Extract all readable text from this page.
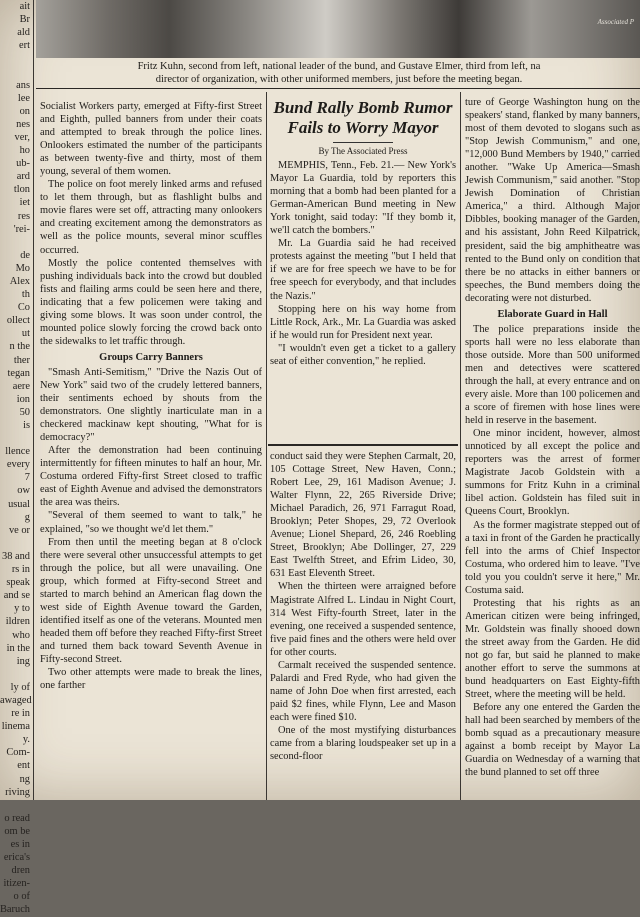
Associated P
Fritz Kuhn, second from left, national leader of the bund, and Gustave Elmer, third from left, na
director of organization, with other uniformed members, just before the meeting began.
ait
Br
ald
ert

ans
lee
on
nes
ver,
ho
ub-
ard
tlon
iet
res
'rei-

de
Mo
Alex
th
Co
ollect
ut
n the
ther
tegan
aere
ion
50
is

llence
every
7
ow
usual
g
ve or

38 and
rs in
speak
and se
y to
ildren
who
in the
ing

ly of
awaged
re in
linema
y.
Com-
ent
ng
riving

o read
om be
es in
erica's
dren
itizen-
o of
Baruch

Socialist Workers party, emerged at Fifty-first Street and Eighth, pulled banners from under their coats and attempted to break through the police lines. Onlookers estimated the number of the participants as between twenty-five and thirty, most of them young, several of them women.

The police on foot merely linked arms and refused to let them through, but as flashlight bulbs and movie flares were set off, attracting many onlookers and creating excitement among the demonstrators as well as the police mounts, several minor scuffles occurred.

Mostly the police contented themselves with pushing individuals back into the crowd but doubled fists and flailing arms could be seen here and there, indicating that a few policemen were taking and giving some blows. It was soon under control, the mounted police slowly forcing the crowd back onto the sidewalks to let traffic through.

Groups Carry Banners

"Smash Anti-Semitism," "Drive the Nazis Out of New York" said two of the crudely lettered banners, their sentiments echoed by shouts from the demonstrators. One slightly inarticulate man in a checkered mackinaw kept shouting, "What for is democracy?"

After the demonstration had been continuing intermittently for fifteen minutes to half an hour, Mr. Costuma ordered Fifty-first Street closed to traffic east of Eighth Avenue and advised the demonstrators the area was theirs.

"Several of them seemed to want to talk," he explained, "so we thought we'd let them."

From then until the meeting began at 8 o'clock there were several other unsuccessful attempts to get through the police, but all were unavailing. One group, which formed at Fifty-second Street and started to march behind an American flag down the west side of Eighth Avenue toward the Garden, identified itself as one of the veterans. Mounted men headed them off before they reached Fifty-first Street and turned them back toward Seventh Avenue in Fifty-second Street.

Two other attempts were made to break the lines, one farther

Bund Rally Bomb Rumor Fails to Worry Mayor
By The Associated Press

MEMPHIS, Tenn., Feb. 21.— New York's Mayor La Guardia, told by reporters this morning that a bomb had been planted for a German-American Bund meeting in New York tonight, said today: "If they bomb it, we'll catch the bombers."

Mr. La Guardia said he had received protests against the meeting "but I held that if we are for free speech we have to be for free speech for everybody, and that includes the Nazis."

Stopping here on his way home from Little Rock, Ark., Mr. La Guardia was asked if he would run for President next year.

"I wouldn't even get a ticket to a gallery seat of either convention," he replied.

conduct said they were Stephen Carmalt, 20, 105 Cottage Street, New Haven, Conn.; Robert Lee, 29, 161 Madison Avenue; J. Walter Flynn, 22, 265 Riverside Drive; Michael Paradich, 26, 971 Farragut Road, Brooklyn; Peter Shopes, 29, 72 Overlook Avenue; Lionel Shepard, 26, 246 Roebling Street, Brooklyn; Abe Dollinger, 27, 229 East Twelfth Street, and Efrim Lideo, 30, 631 East Eleventh Street.

When the thirteen were arraigned before Magistrate Alfred L. Lindau in Night Court, 314 West Fifty-fourth Street, later in the evening, one received a suspended sentence, five paid fines and the others were held over for other courts.

Carmalt received the suspended sentence. Palardi and Fred Ryde, who had given the name of John Doe when first arrested, each paid $2 fines, while Flynn, Lee and Mason each were fined $10.

One of the most mystifying disturbances came from a blaring loudspeaker set up in a second-floor

ture of George Washington hung on the speakers' stand, flanked by many banners, most of them devoted to slogans such as "Stop Jewish Communism," and one, "12,000 Bund Members by 1940," carried another. "Wake Up America—Smash Jewish Communism," said another. "Stop Jewish Domination of Christian America," a third. Although Major Dibbles, booking manager of the Garden, and his assistant, John Reed Kilpatrick, president, said the big amphitheatre was rented to the Bund only on condition that there be no attacks in either banners or speeches, the Bund members doing the decorating were not disturbed.

Elaborate Guard in Hall

The police preparations inside the sports hall were no less elaborate than those outside. More than 500 uniformed men and detectives were scattered through the hall, at every entrance and on every aisle. More than 100 policemen and a score of firemen with hose lines were held in reserve in the basement.

One minor incident, however, almost unnoticed by all except the police and reporters was the arrest of former Magistrate Jacob Goldstein with a summons for Fritz Kuhn in a criminal libel action. Goldstein has filed suit in Queens Court, Brooklyn.

As the former magistrate stepped out of a taxi in front of the Garden he practically fell into the arms of Chief Inspector Costuma, who ordered him to leave. "I've told you you couldn't serve it here," Mr. Costuma said.

Protesting that his rights as an American citizen were being infringed, Mr. Goldstein was finally shooed down the street away from the Garden. He did not go far, but said he planned to make another effort to serve the summons at bund headquarters on East Eighty-fifth Street, where the meeting will be held.

Before any one entered the Garden the hall had been searched by members of the bomb squad as a precautionary measure against a bomb receipt by Mayor La Guardia on Wednesday of a warning that the bund planned to set off three
